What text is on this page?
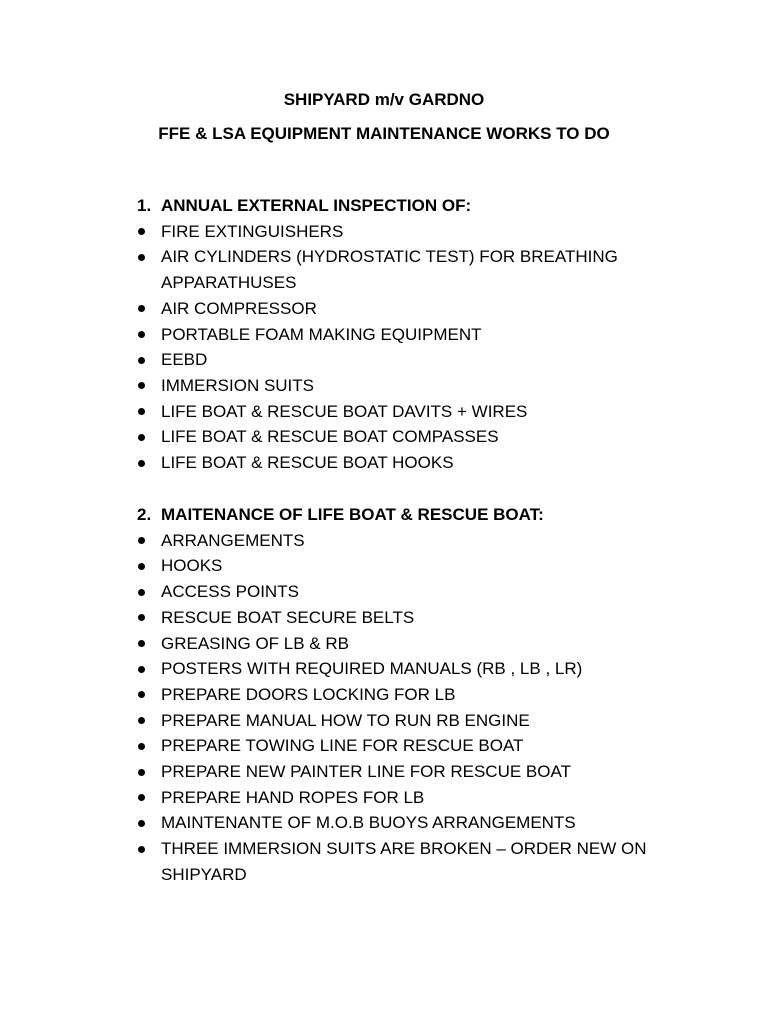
SHIPYARD m/v GARDNO
FFE & LSA EQUIPMENT MAINTENANCE WORKS TO DO
1. ANNUAL EXTERNAL INSPECTION OF:
FIRE EXTINGUISHERS
AIR CYLINDERS (HYDROSTATIC TEST) FOR BREATHING APPARATHUSES
AIR COMPRESSOR
PORTABLE FOAM MAKING EQUIPMENT
EEBD
IMMERSION SUITS
LIFE BOAT & RESCUE BOAT DAVITS + WIRES
LIFE BOAT & RESCUE BOAT COMPASSES
LIFE BOAT & RESCUE BOAT HOOKS
2. MAITENANCE OF LIFE BOAT & RESCUE BOAT:
ARRANGEMENTS
HOOKS
ACCESS POINTS
RESCUE BOAT SECURE BELTS
GREASING OF LB & RB
POSTERS WITH REQUIRED MANUALS (RB , LB , LR)
PREPARE DOORS LOCKING FOR LB
PREPARE MANUAL HOW TO RUN RB ENGINE
PREPARE TOWING LINE FOR RESCUE BOAT
PREPARE NEW PAINTER LINE FOR RESCUE BOAT
PREPARE HAND ROPES FOR LB
MAINTENANTE OF M.O.B BUOYS ARRANGEMENTS
THREE IMMERSION SUITS ARE BROKEN – ORDER NEW ON SHIPYARD
